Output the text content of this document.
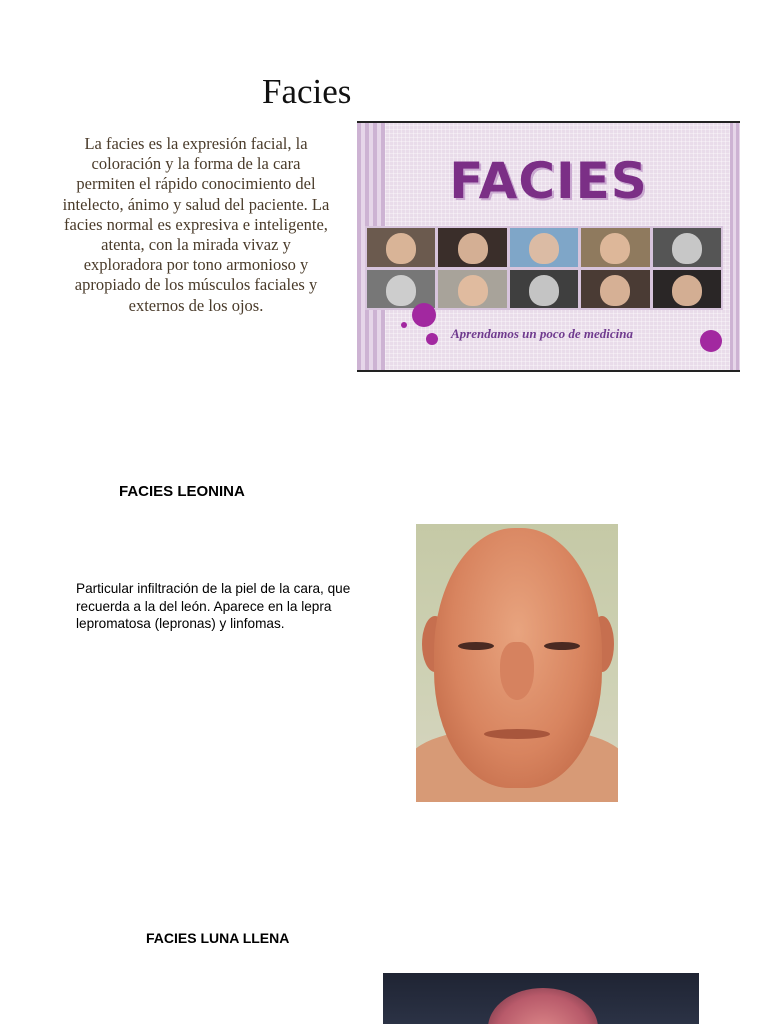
Facies

La facies es la expresión facial, la coloración y la forma de la cara permiten el rápido conocimiento del intelecto, ánimo y salud del paciente. La facies normal es expresiva e inteligente, atenta, con la mirada vivaz y exploradora por tono armonioso y apropiado de los músculos faciales y externos de los ojos.

FACIES
Aprendamos un poco de medicina
FACIES LEONINA

Particular infiltración de la piel de la cara, que recuerda a la del león. Aparece en la lepra lepromatosa (lepronas) y linfomas.

FACIES LUNA LLENA
